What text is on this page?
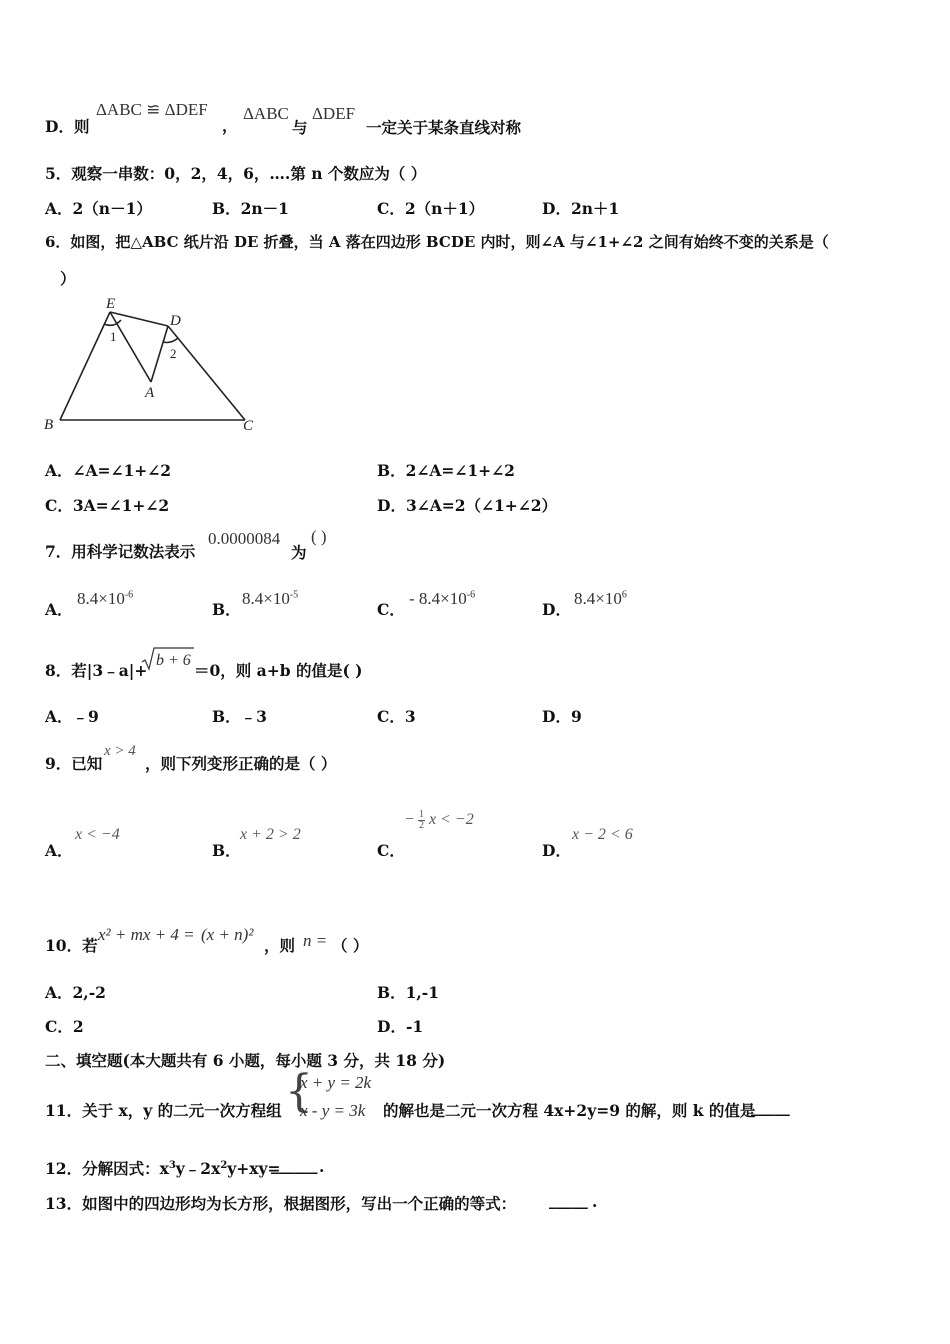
D．则
ΔABC ≌ ΔDEF
，
ΔABC
与
ΔDEF
一定关于某条直线对称
5．观察一串数：0，2，4，6，….第 n 个数应为（ ）
A．2（n－1）	B．2n－1	C．2（n＋1）	D．2n＋1
6．如图，把△ABC 纸片沿 DE 折叠，当 A 落在四边形 BCDE 内时，则∠A 与∠1+∠2 之间有始终不变的关系是（
）
E
D
A
B	C
1
2
A．∠A=∠1+∠2	B．2∠A=∠1+∠2
C．3A=∠1+∠2	D．3∠A=2（∠1+∠2）
7．用科学记数法表示
0.0000084
为
( )
A．
$8.4\times 10^{-6}$
B．
$8.4\times 10^{-5}$
C．
- $8.4\times 10^{-6}$
D．
$8.4\times 10^6$
8．若|3﹣a|+
b + 6
＝0，则 a+b 的值是( )
A．﹣9	B．﹣3	C．3	D．9
9．已知
x > 4
，则下列变形正确的是（ ）
A．
x < −4
B．
x + 2 > 2
C．
− $\frac{1}{2}$ x < −2
D．
x − 2 < 6
10．若
x² + mx + 4 = (x + n)²
，则 n = （ ）
A．2,-2	B．1,-1
C．2	D．-1
二、填空题(本大题共有 6 小题，每小题 3 分，共 18 分)
11．关于 x，y 的二元一次方程组 {
x + y = 2k
x - y = 3k 的解也是二元一次方程 4x+2y=9 的解，则 k 的值是
_____
12．分解因式：$x^3y﹣2x^2y+xy=$
______ .
13．如图中的四边形均为长方形，根据图形，写出一个正确的等式： _____ .
